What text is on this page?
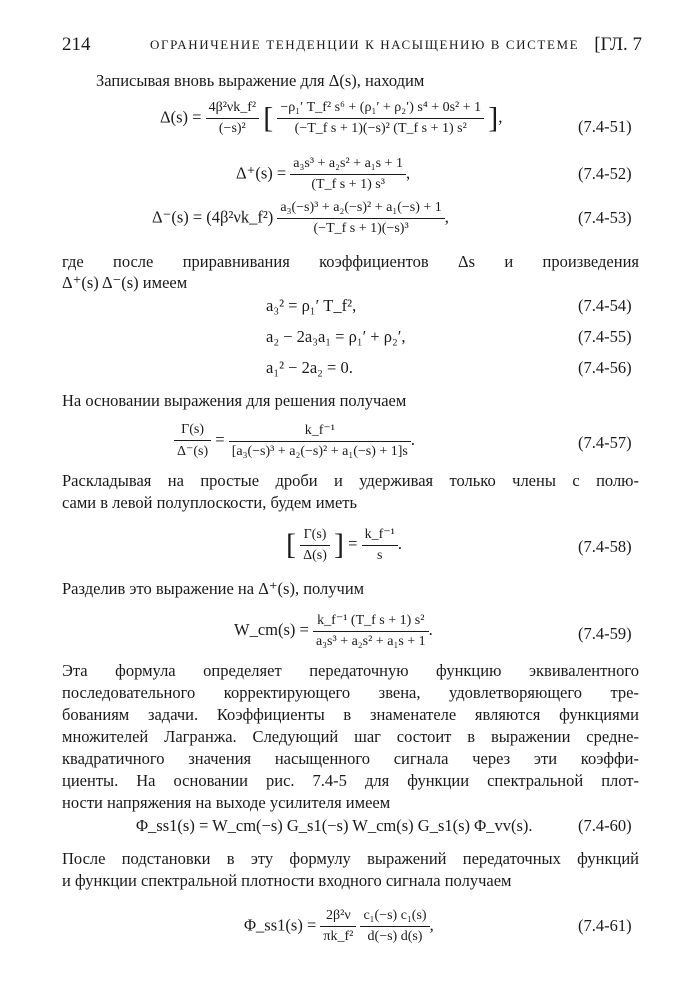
214	ОГРАНИЧЕНИЕ ТЕНДЕНЦИИ К НАСЫЩЕНИЮ В СИСТЕМЕ [ГЛ. 7
Записывая вновь выражение для Δ(s), находим
$\Delta(s) = \frac{\text{4β²νk\_f²}}{\text{(−s)²}}$ [ $\frac{\text{−ρ₁′ T\_f² s⁶ + (ρ₁′ + ρ₂′) s⁴ + 0s² + 1}}{\text{(−T\_f s + 1)(−s)² (T\_f s + 1) s²}}$ ],
(7.4-51)
$\Delta^+(s) = \frac{\text{a₃s³ + a₂s² + a₁s + 1}}{\text{(T\_f s + 1) s³}}$ ,	(7.4-52)
Δ⁻(s) = (4β²νk_f²) $\frac{\text{a₃(−s)³ + a₂(−s)² + a₁(−s) + 1}}{\text{(−T\_f s + 1)(−s)³}}$ ,	(7.4-53)
где после приравнивания коэффициентов Δs и произведения
Δ⁺(s) Δ⁻(s) имеем
a₃² = ρ₁′ T_f²,	(7.4-54)
a₂ − 2a₃a₁ = ρ₁′ + ρ₂′,	(7.4-55)
a₁² − 2a₂ = 0.	(7.4-56)
На основании выражения для решения получаем
$\frac{\Gamma(s)}{\Delta^-(s)} = \frac{\text{k\_f⁻¹}}{\text{[a₃(−s)³ + a₂(−s)² + a₁(−s) + 1]s}}$ .	(7.4-57)
Раскладывая на простые дроби и удерживая только члены с полю-
сами в левой полуплоскости, будем иметь
[ $\frac{\Gamma(s)}{\Delta(s)}$ ] = $\frac{\text{k\_f⁻¹}}{s}$ .	(7.4-58)
Разделив это выражение на Δ⁺(s), получим
W_cm(s) = $\frac{\text{k\_f⁻¹ (T\_f s + 1) s²}}{\text{a₃s³ + a₂s² + a₁s + 1}}$ .	(7.4-59)
Эта формула определяет передаточную функцию эквивалентного
последовательного корректирующего звена, удовлетворяющего тре-
бованиям задачи. Коэффициенты в знаменателе являются функциями
множителей Лагранжа. Следующий шаг состоит в выражении средне-
квадратичного значения насыщенного сигнала через эти коэффи-
циенты. На основании рис. 7.4-5 для функции спектральной плот-
ности напряжения на выходе усилителя имеем
Φ_ss1(s) = W_cm(−s) G_s1(−s) W_cm(s) G_s1(s) Φ_vv(s).	(7.4-60)
После подстановки в эту формулу выражений передаточных функций
и функции спектральной плотности входного сигнала получаем
Φ_ss1(s) = $\frac{\text{2β²ν}}{\text{πk\_f²}}$
$\frac{\text{c₁(−s) c₁(s)}}{d(-s) d(s)}$ ,	(7.4-61)
